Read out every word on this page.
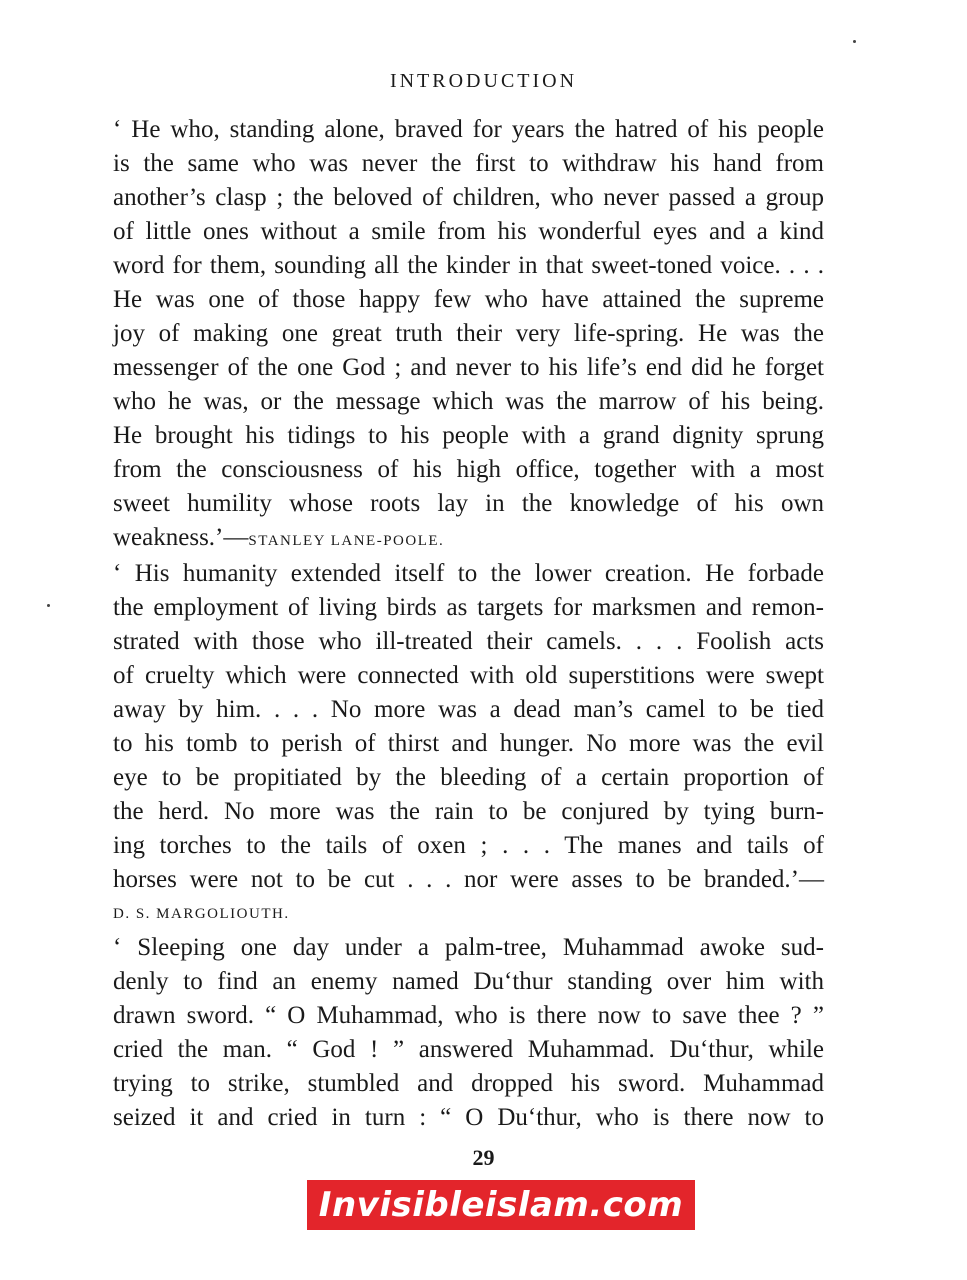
INTRODUCTION
‘ He who, standing alone, braved for years the hatred of his people
is the same who was never the first to withdraw his hand from
another’s clasp ; the beloved of children, who never passed a group
of little ones without a smile from his wonderful eyes and a kind
word for them, sounding all the kinder in that sweet-toned voice. . . .
He was one of those happy few who have attained the supreme
joy of making one great truth their very life-spring. He was the
messenger of the one God ; and never to his life’s end did he forget
who he was, or the message which was the marrow of his being.
He brought his tidings to his people with a grand dignity sprung
from the consciousness of his high office, together with a most
sweet humility whose roots lay in the knowledge of his own
weakness.’—STANLEY LANE-POOLE.
‘ His humanity extended itself to the lower creation. He forbade
the employment of living birds as targets for marksmen and remon-
strated with those who ill-treated their camels. . . . Foolish acts
of cruelty which were connected with old superstitions were swept
away by him. . . . No more was a dead man’s camel to be tied
to his tomb to perish of thirst and hunger. No more was the evil
eye to be propitiated by the bleeding of a certain proportion of
the herd. No more was the rain to be conjured by tying burn-
ing torches to the tails of oxen ; . . . The manes and tails of
horses were not to be cut . . . nor were asses to be branded.’—
D. S. MARGOLIOUTH.
‘ Sleeping one day under a palm-tree, Muhammad awoke sud-
denly to find an enemy named Du‘thur standing over him with
drawn sword. “ O Muhammad, who is there now to save thee ? ”
cried the man. “ God ! ” answered Muhammad. Du‘thur, while
trying to strike, stumbled and dropped his sword. Muhammad
seized it and cried in turn : “ O Du‘thur, who is there now to
29
Invisibleislam.com
